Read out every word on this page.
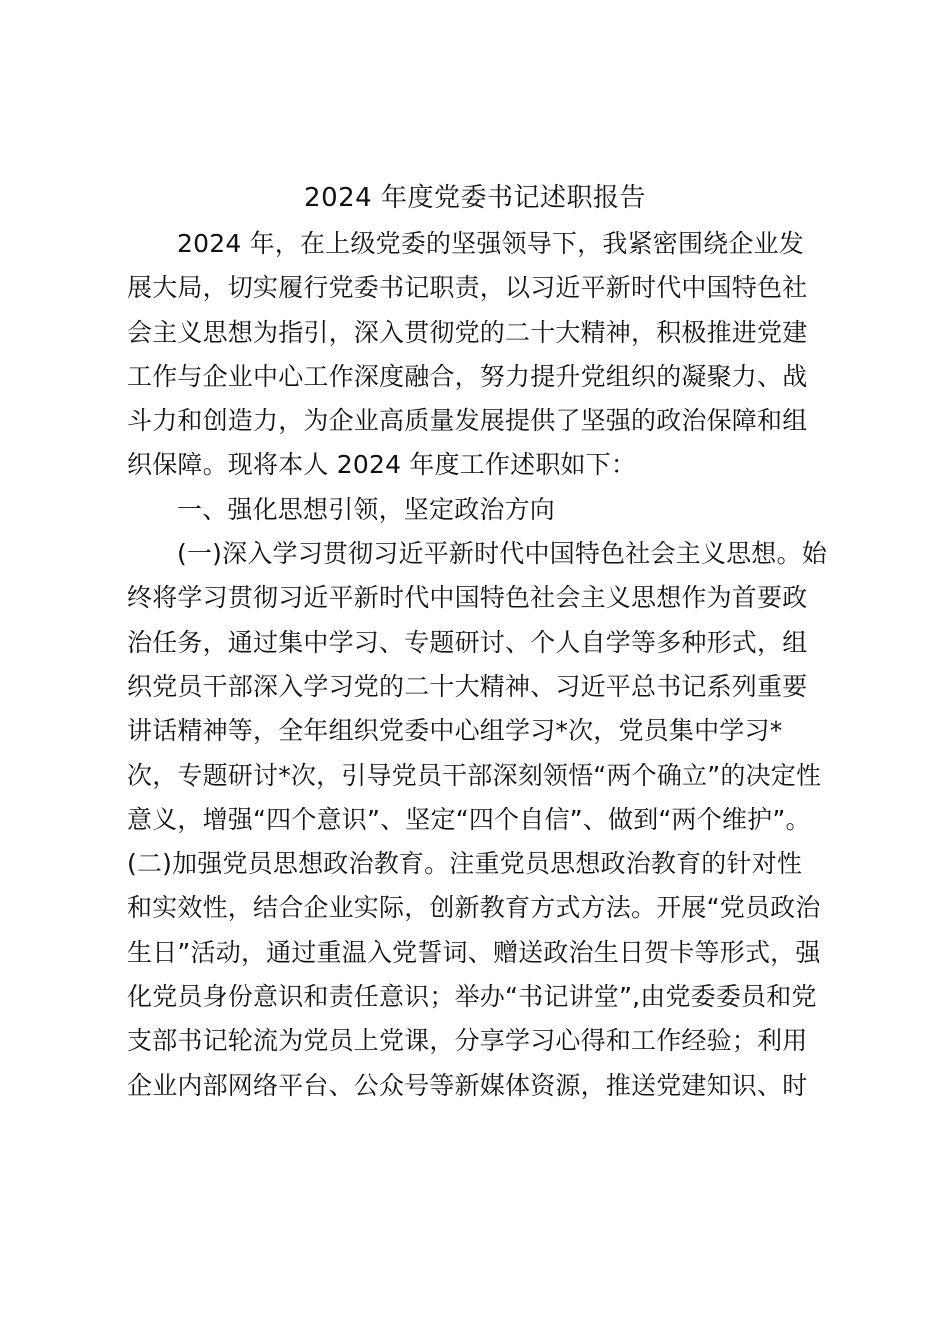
2024 年度党委书记述职报告
2024 年，在上级党委的坚强领导下，我紧密围绕企业发
展大局，切实履行党委书记职责，以习近平新时代中国特色社
会主义思想为指引，深入贯彻党的二十大精神，积极推进党建
工作与企业中心工作深度融合，努力提升党组织的凝聚力、战
斗力和创造力，为企业高质量发展提供了坚强的政治保障和组
织保障。现将本人 2024 年度工作述职如下：
一、强化思想引领，坚定政治方向
(一)深入学习贯彻习近平新时代中国特色社会主义思想。始
终将学习贯彻习近平新时代中国特色社会主义思想作为首要政
治任务，通过集中学习、专题研讨、个人自学等多种形式，组
织党员干部深入学习党的二十大精神、习近平总书记系列重要
讲话精神等，全年组织党委中心组学习*次，党员集中学习*
次，专题研讨*次，引导党员干部深刻领悟“两个确立”的决定性
意义，增强“四个意识”、坚定“四个自信”、做到“两个维护”。
(二)加强党员思想政治教育。注重党员思想政治教育的针对性
和实效性，结合企业实际，创新教育方式方法。开展“党员政治
生日”活动，通过重温入党誓词、赠送政治生日贺卡等形式，强
化党员身份意识和责任意识；举办“书记讲堂”,由党委委员和党
支部书记轮流为党员上党课，分享学习心得和工作经验；利用
企业内部网络平台、公众号等新媒体资源，推送党建知识、时
